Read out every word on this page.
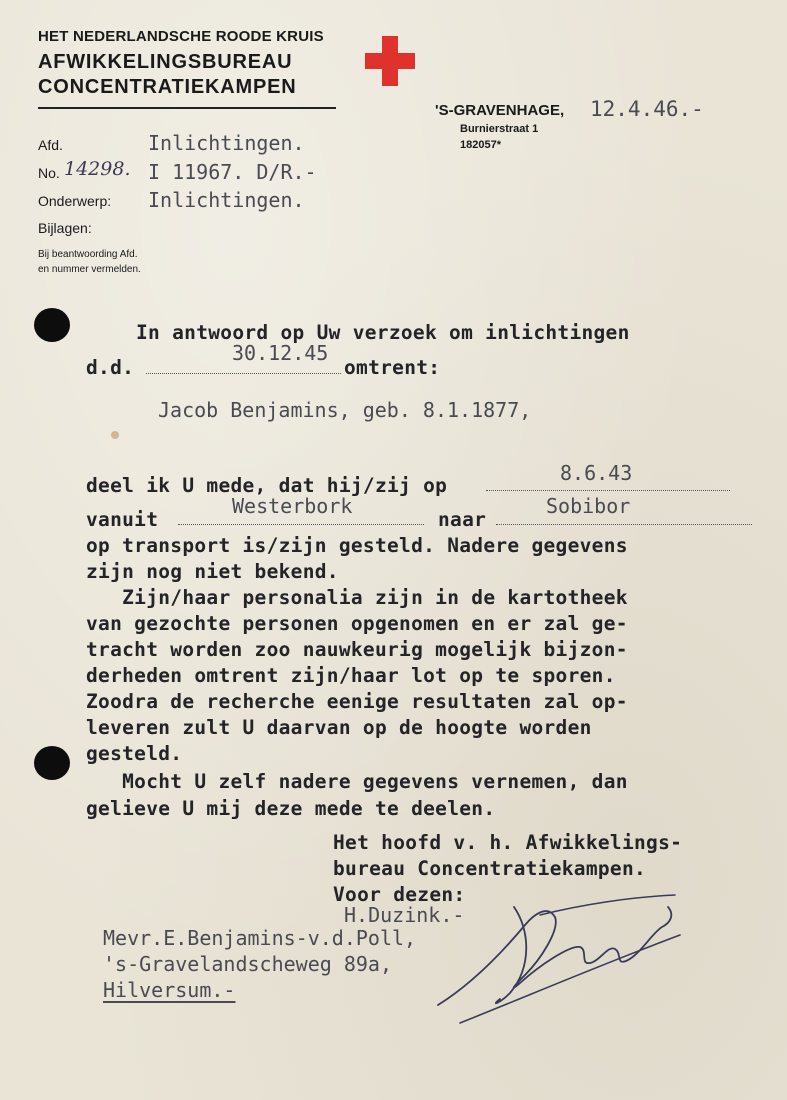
HET NEDERLANDSCHE ROODE KRUIS
AFWIKKELINGSBUREAU
CONCENTRATIEKAMPEN
'S-GRAVENHAGE, 12.4.46.-
Burnierstraat 1
182057*
Afd.	Inlichtingen.
No. 14298. I 11967. D/R.-
Onderwerp: Inlichtingen.
Bijlagen:
Bij beantwoording Afd.
en nummer vermelden.
In antwoord op Uw verzoek om inlichtingen
d.d.
30.12.45
omtrent:
Jacob Benjamins, geb. 8.1.1877,
deel ik U mede, dat hij/zij op
8.6.43
vanuit
Westerbork
naar
Sobibor
op transport is/zijn gesteld. Nadere gegevens
zijn nog niet bekend.
Zijn/haar personalia zijn in de kartotheek
van gezochte personen opgenomen en er zal ge-
tracht worden zoo nauwkeurig mogelijk bijzon-
derheden omtrent zijn/haar lot op te sporen.
Zoodra de recherche eenige resultaten zal op-
leveren zult U daarvan op de hoogte worden
gesteld.
Mocht U zelf nadere gegevens vernemen, dan
gelieve U mij deze mede te deelen.
Het hoofd v. h. Afwikkelings-
bureau Concentratiekampen.
Voor dezen:
H.Duzink.-
Mevr.E.Benjamins-v.d.Poll,
's-Gravelandscheweg 89a,
Hilversum.-
